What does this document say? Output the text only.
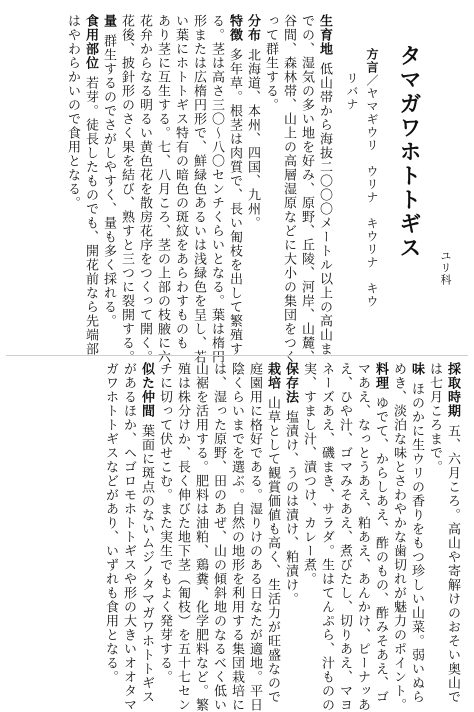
タマガワホトトギス
ユリ科
方言／ヤマギウリ　ウリナ　キウリナ　キウ
リバナ
生育地低山帯から海抜二〇〇〇メートル以上の高山ま
での、湿気の多い地を好み、原野、丘陵、河岸、山麓、
谷間、森林帯、山上の高層湿原などに大小の集団をつく
って群生する。
分布北海道、本州、四国、九州。
特徴多年草。根茎は肉質で、長い匍枝を出して繁殖す
る。茎は高さ三〇～八〇センチくらいとなる。葉は楕円
形または広楕円形で、鮮緑色あるいは浅緑色を呈し、若
い葉にホトトギス特有の暗色の斑紋をあらわすものも
あり茎に互生する。七、八月ころ、茎の上部の枝腋に六
花弁からなる明るい黄色花を散房花序をつくって開く。
花後、披針形のさく果を結び、熟すと三つに裂開する。
量群生するのでさがしやすく、量も多く採れる。
食用部位若芽。徒長したものでも、開花前なら先端部
はやわらかいので食用となる。
採取時期五、六月ころ。高山や寄解けのおそい奥山で
は七月ころまで。
味ほのかに生ウリの香りをもつ珍しい山菜。弱いぬら
めき、淡泊な味とさわやかな歯切れが魅力のポイント。
料理ゆでて、からしあえ、酢のもの、酢みそあえ、ゴ
マあえ、なっとうあえ、粕あえ、あんかけ、ピーナッあ
え、ひや汁、ゴマみそあえ、煮びたし、切りあえ、マヨ
ネーズあえ、磯まき、サラダ。生はてんぷら、汁ものの
実、すまし汁、漬つけ、カレー煮。
保存法塩漬け、うのは漬け、粕漬け。
栽培山草として観賞価値も高く、生活力が旺盛なので
庭園用に格好である。湿りけのある日なたが適地。平日
陰くらいまでを選ぶ。自然の地形を利用する集団栽培に
は、湿った原野、田のあぜ、山の傾斜地のなるべく低い
山裾を活用する。肥料は油粕、鶏糞、化学肥料など。繁
殖は株分けか、長く伸びた地下茎（匍枝）を五十七セン
チに切って伏せこむ。また実生でもよく発芽する。
似た仲間葉面に斑点のないムジノタマガワホトトギス
があるほか、ヘゴロモホトトギスや形の大きいオオタマ
ガワホトトギスなどがあり、いずれも食用となる。
